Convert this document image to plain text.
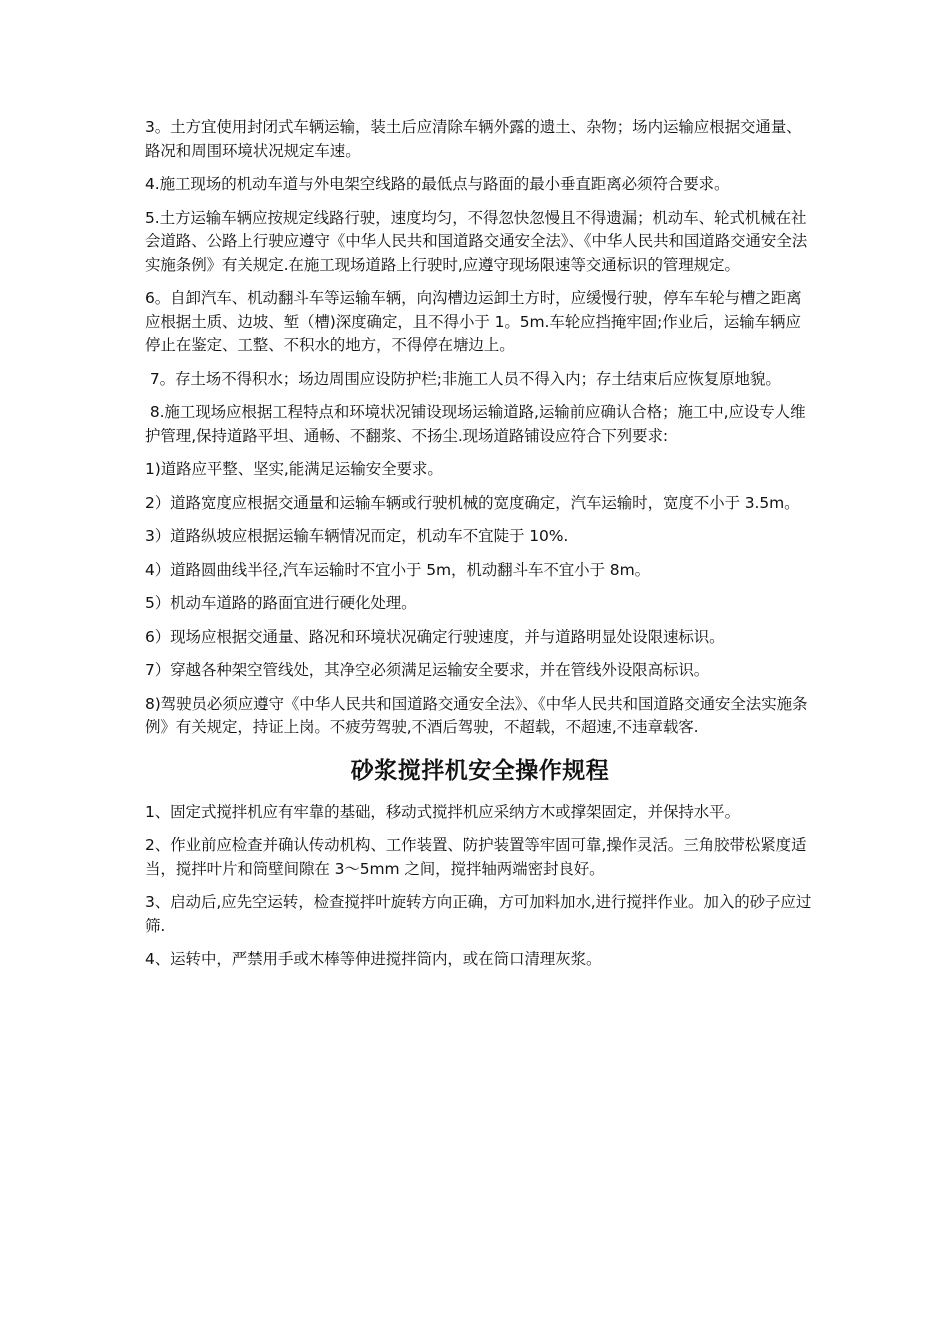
3。土方宜使用封闭式车辆运输，装土后应清除车辆外露的遗土、杂物；场内运输应根据交通量、路况和周围环境状况规定车速。

4.施工现场的机动车道与外电架空线路的最低点与路面的最小垂直距离必须符合要求。

5.土方运输车辆应按规定线路行驶，速度均匀，不得忽快忽慢且不得遗漏；机动车、轮式机械在社会道路、公路上行驶应遵守《中华人民共和国道路交通安全法》、《中华人民共和国道路交通安全法实施条例》有关规定.在施工现场道路上行驶时,应遵守现场限速等交通标识的管理规定。

6。自卸汽车、机动翻斗车等运输车辆，向沟槽边运卸土方时，应缓慢行驶，停车车轮与槽之距离应根据土质、边坡、堑（槽)深度确定，且不得小于 1。5m.车轮应挡掩牢固;作业后，运输车辆应停止在鉴定、工整、不积水的地方，不得停在塘边上。

7。存土场不得积水；场边周围应设防护栏;非施工人员不得入内；存土结束后应恢复原地貌。

8.施工现场应根据工程特点和环境状况铺设现场运输道路,运输前应确认合格；施工中,应设专人维护管理,保持道路平坦、通畅、不翻浆、不扬尘.现场道路铺设应符合下列要求:

1)道路应平整、坚实,能满足运输安全要求。

2）道路宽度应根据交通量和运输车辆或行驶机械的宽度确定，汽车运输时，宽度不小于 3.5m。

3）道路纵坡应根据运输车辆情况而定，机动车不宜陡于 10%.

4）道路圆曲线半径,汽车运输时不宜小于 5m，机动翻斗车不宜小于 8m。

5）机动车道路的路面宜进行硬化处理。

6）现场应根据交通量、路况和环境状况确定行驶速度，并与道路明显处设限速标识。

7）穿越各种架空管线处，其净空必须满足运输安全要求，并在管线外设限高标识。

8)驾驶员必须应遵守《中华人民共和国道路交通安全法》、《中华人民共和国道路交通安全法实施条例》有关规定，持证上岗。不疲劳驾驶,不酒后驾驶，不超载，不超速,不违章载客.

砂浆搅拌机安全操作规程

1、固定式搅拌机应有牢靠的基础，移动式搅拌机应采纳方木或撑架固定，并保持水平。

2、作业前应检查并确认传动机构、工作装置、防护装置等牢固可靠,操作灵活。三角胶带松紧度适当，搅拌叶片和筒壁间隙在 3～5mm 之间，搅拌轴两端密封良好。

3、启动后,应先空运转，检查搅拌叶旋转方向正确，方可加料加水,进行搅拌作业。加入的砂子应过筛.

4、运转中，严禁用手或木棒等伸进搅拌筒内，或在筒口清理灰浆。
